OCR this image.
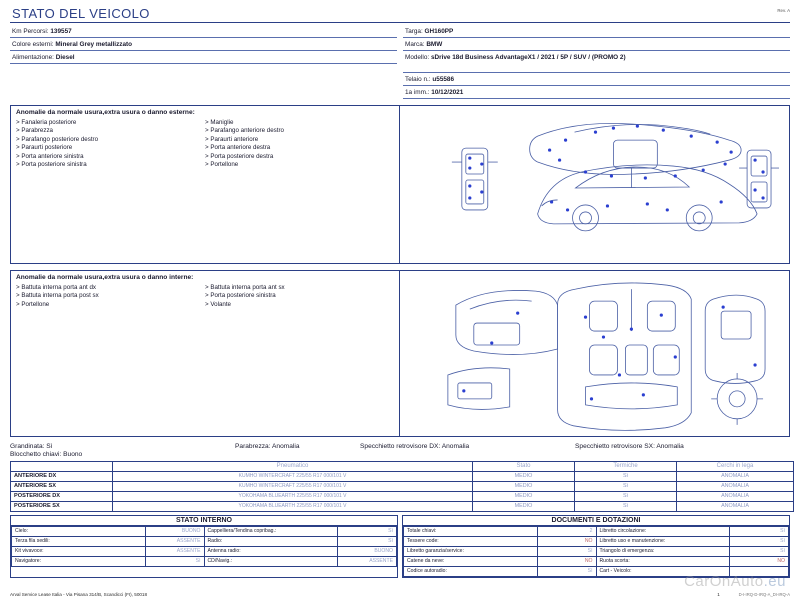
Rev. A
STATO DEL VEICOLO
Km Percorsi: 139557
Colore esterni: Mineral Grey metallizzato
Alimentazione: Diesel

Targa: GH160PP
Marca: BMW
Modello: sDrive 18d Business AdvantageX1 / 2021 / 5P / SUV / (PROMO 2)
Telaio n.: u55586
1a imm.: 10/12/2021
Anomalie da normale usura,extra usura o danno esterne:
> Fanaleria posteriore
> Parabrezza
> Parafango posteriore destro
> Paraurti posteriore
> Porta anteriore sinistra
> Porta posteriore sinistra
> Maniglie
> Parafango anteriore destro
> Paraurti anteriore
> Porta anteriore destra
> Porta posteriore destra
> Portellone
Anomalie da normale usura,extra usura o danno interne:
> Battuta interna porta ant dx
> Battuta interna porta post sx
> Portellone
> Battuta interna porta ant sx
> Porta posteriore sinistra
> Volante
Grandinata: Sì	Parabrezza: Anomalia	Specchietto retrovisore DX: Anomalia	Specchietto retrovisore SX: Anomalia
Blocchetto chiavi: Buono
	Pneumatico	Stato	Termiche	Cerchi in lega
ANTERIORE DX	KUMHO WINTERCRAFT 225/55 R17 000/101 V	MEDIO	Sì	ANOMALIA
ANTERIORE SX	KUMHO WINTERCRAFT 225/55 R17 000/101 V	MEDIO	Sì	ANOMALIA
POSTERIORE DX	YOKOHAMA BLUEARTH 225/55 R17 000/101 V	MEDIO	Sì	ANOMALIA
POSTERIORE SX	YOKOHAMA BLUEARTH 225/55 R17 000/101 V	MEDIO	Sì	ANOMALIA
STATO INTERNO
Cielo:	BUONO	Cappelliera/Tendina copribag.:	Sì
Terza fila sedili:	ASSENTE	Radio:	Sì
Kit vivavoce:	ASSENTE	Antenna radio:	BUONO
Navigatore:	Sì	CD/Navig.:	ASSENTE
DOCUMENTI E DOTAZIONI
Totale chiavi:	2	Libretto circolazione:	Sì
Tessere code:	NO	Libretto uso e manutenzione:	Sì
Libretto garanzia/service:	Sì	Triangolo di emergenza:	Sì
Catene da neve:	NO	Ruota scorta:	NO
Codice autoradio:	Sì	Cart - Veicolo:	
CarOnAuto.eu
Arval Service Lease Italia - Via Pisana 314/B, Scandicci (FI), 50018	1	D-I-IRQ-D-IRQ-A_DI-IRQ-A
